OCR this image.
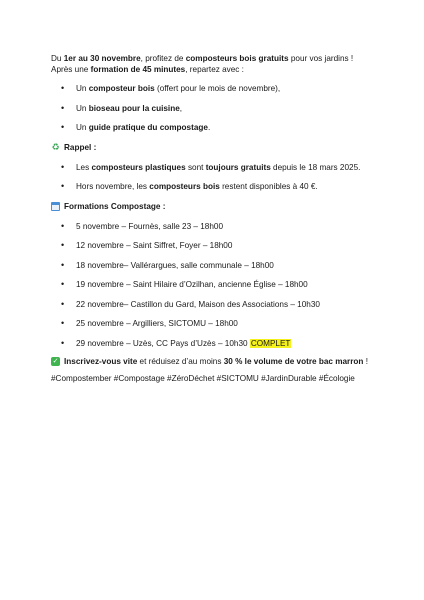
Du 1er au 30 novembre, profitez de composteurs bois gratuits pour vos jardins !
Après une formation de 45 minutes, repartez avec :

• Un composteur bois (offert pour le mois de novembre),
• Un bioseau pour la cuisine,
• Un guide pratique du compostage.
♻ Rappel :
• Les composteurs plastiques sont toujours gratuits depuis le 18 mars 2025.
• Hors novembre, les composteurs bois restent disponibles à 40 €.
Formations Compostage :
• 5 novembre – Fournès, salle 23 – 18h00
• 12 novembre – Saint Siffret, Foyer – 18h00
• 18 novembre– Vallérargues, salle communale – 18h00
• 19 novembre – Saint Hilaire d’Ozilhan, ancienne Église – 18h00
• 22 novembre– Castillon du Gard, Maison des Associations – 10h30
• 25 novembre – Argilliers, SICTOMU – 18h00
• 29 novembre – Uzès, CC Pays d’Uzès – 10h30 COMPLET
✓ Inscrivez-vous vite et réduisez d’au moins 30 % le volume de votre bac marron !

#Compostember #Compostage #ZéroDéchet #SICTOMU #JardinDurable #Écologie
